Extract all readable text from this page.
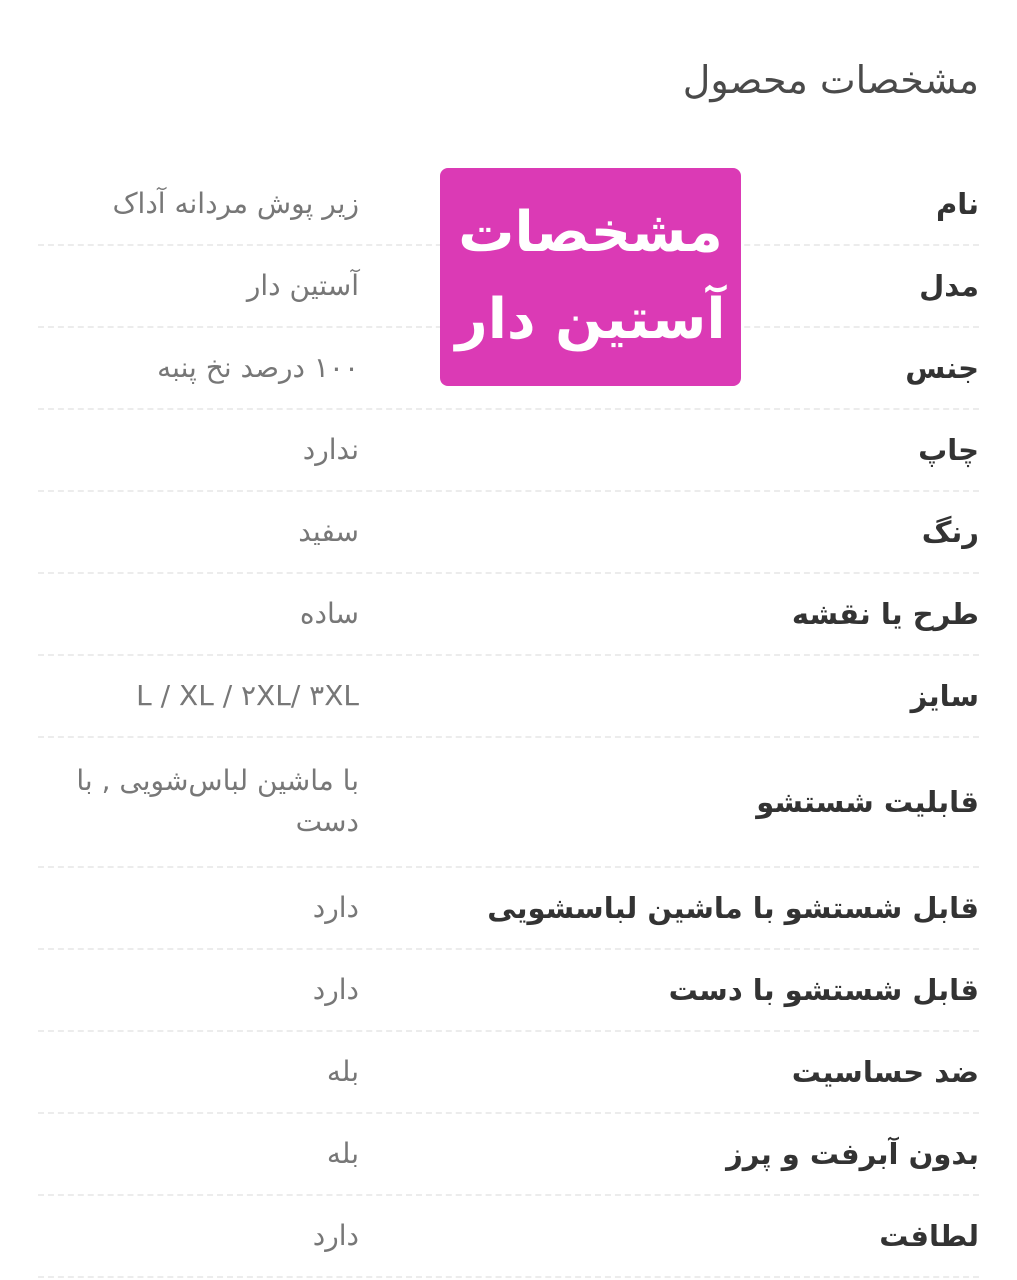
مشخصات محصول
نام
زیر پوش مردانه آداک
مدل
آستین دار
جنس
۱۰۰ درصد نخ پنبه
چاپ
ندارد
رنگ
سفید
طرح یا نقشه
ساده
سایز
L / XL / ۲XL/ ۳XL
قابلیت شستشو
با ماشین لباس‌شویی , با دست
قابل شستشو با ماشین لباسشویی
دارد
قابل شستشو با دست
دارد
ضد حساسیت
بله
بدون آبرفت و پرز
بله
لطافت
دارد
مشخصات
آستین دار
